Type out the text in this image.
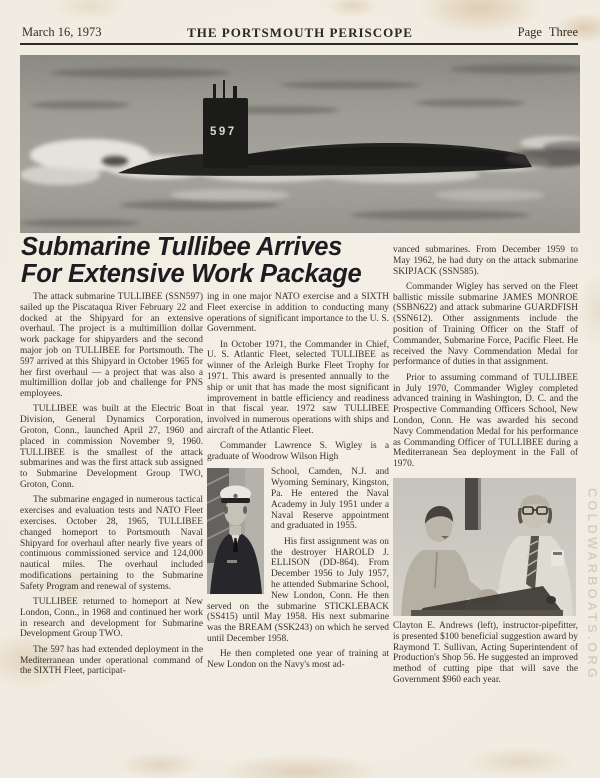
March 16, 1973	THE PORTSMOUTH PERISCOPE	Page Three
597
Submarine Tullibee Arrives
For Extensive Work Package

The attack submarine TULLIBEE (SSN597) sailed up the Piscataqua River February 22 and docked at the Shipyard for an extensive overhaul. The project is a multimillion dollar work package for shipyarders and the second major job on TULLIBEE for Portsmouth. The 597 arrived at this Shipyard in October 1965 for her first overhaul — a project that was also a multimillion dollar job and challenge for PNS employees.

TULLIBEE was built at the Electric Boat Division, General Dynamics Corporation, Groton, Conn., launched April 27, 1960 and placed in commission November 9, 1960. TULLIBEE is the smallest of the attack submarines and was the first attack sub assigned to Submarine Development Group TWO, Groton, Conn.

The submarine engaged in numerous tactical exercises and evaluation tests and NATO Fleet exercises. October 28, 1965, TULLIBEE changed homeport to Portsmouth Naval Shipyard for overhaul after nearly five years of continuous commissioned service and 124,000 nautical miles. The overhaul included modifications pertaining to the Submarine Safety Program and renewal of systems.

TULLIBEE returned to homeport at New London, Conn., in 1968 and continued her work in research and development for Submarine Development Group TWO.

The 597 has had extended deployment in the Mediterranean under operational command of the SIXTH Fleet, participat-

ing in one major NATO exercise and a SIXTH Fleet exercise in addition to conducting many operations of significant importance to the U. S. Government.

In October 1971, the Commander in Chief, U. S. Atlantic Fleet, selected TULLIBEE as winner of the Arleigh Burke Fleet Trophy for 1971. This award is presented annually to the ship or unit that has made the most significant improvement in battle efficiency and readiness in that fiscal year. 1972 saw TULLIBEE involved in numerous operations with ships and aircraft of the Atlantic Fleet.

Commander Lawrence S. Wigley is a graduate of Woodrow Wilson High

School, Camden, N.J. and Wyoming Seminary, Kingston, Pa. He entered the Naval Academy in July 1951 under a Naval Reserve appointment and graduated in 1955.

His first assignment was on the destroyer HAROLD J. ELLISON (DD-864). From December 1956 to July 1957, he attended Submarine School, New London, Conn. He then served on the submarine STICKLEBACK (SS415) until May 1958. His next submarine was the BREAM (SSK243) on which he served until December 1958.

He then completed one year of training at New London on the Navy's most ad-

vanced submarines. From December 1959 to May 1962, he had duty on the attack submarine SKIPJACK (SSN585).

Commander Wigley has served on the Fleet ballistic missile submarine JAMES MONROE (SSBN622) and attack submarine GUARDFISH (SSN612). Other assignments include the position of Training Officer on the Staff of Commander, Submarine Force, Pacific Fleet. He received the Navy Commendation Medal for performance of duties in that assignment.

Prior to assuming command of TULLIBEE in July 1970, Commander Wigley completed advanced training in Washington, D. C. and the Prospective Commanding Officers School, New London, Conn. He was awarded his second Navy Commendation Medal for his performance as Commanding Officer of TULLIBEE during a Mediterranean Sea deployment in the Fall of 1970.

Clayton E. Andrews (left), instructor-pipefitter, is presented $100 beneficial suggestion award by Raymond T. Sullivan, Acting Superintendent of Production's Shop 56. He suggested an improved method of cutting pipe that will save the Government $960 each year.	COLDWARBOATS.ORG
